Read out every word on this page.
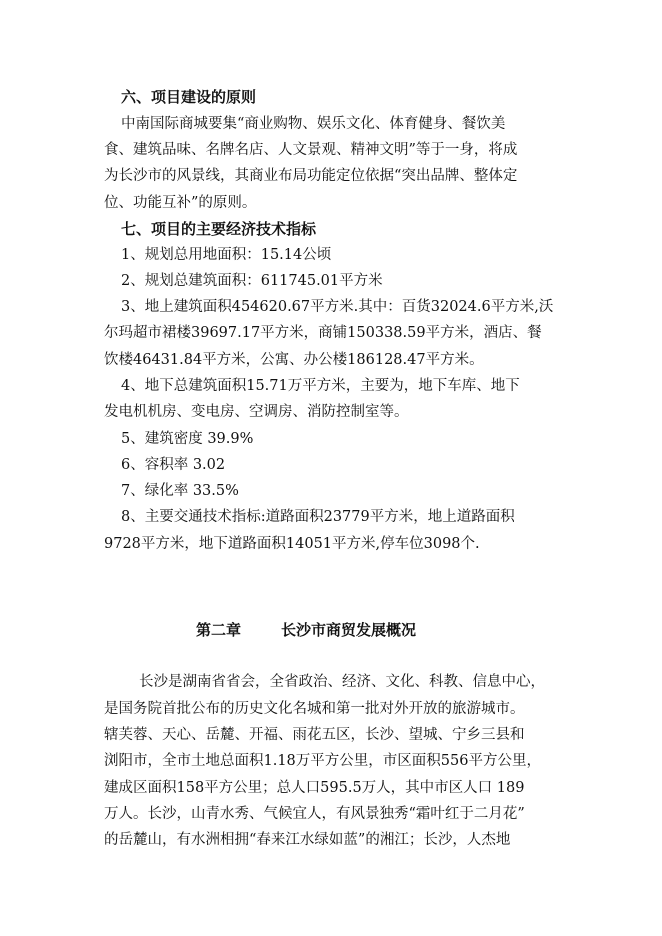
六、项目建设的原则
中南国际商城要集“商业购物、娱乐文化、体育健身、餐饮美
食、建筑品味、名牌名店、人文景观、精神文明”等于一身，将成
为长沙市的风景线，其商业布局功能定位依据“突出品牌、整体定
位、功能互补”的原则。
七、项目的主要经济技术指标
1、规划总用地面积：15.14公顷
2、规划总建筑面积：611745.01平方米
3、地上建筑面积454620.67平方米.其中：百货32024.6平方米,沃
尔玛超市裙楼39697.17平方米，商铺150338.59平方米，酒店、餐
饮楼46431.84平方米，公寓、办公楼186128.47平方米。
4、地下总建筑面积15.71万平方米，主要为，地下车库、地下
发电机机房、变电房、空调房、消防控制室等。
5、建筑密度 39.9%
6、容积率 3.02
7、绿化率 33.5%
8、主要交通技术指标:道路面积23779平方米，地上道路面积
9728平方米，地下道路面积14051平方米,停车位3098个.
第二章	长沙市商贸发展概况
长沙是湖南省省会，全省政治、经济、文化、科教、信息中心，
是国务院首批公布的历史文化名城和第一批对外开放的旅游城市。
辖芙蓉、天心、岳麓、开福、雨花五区，长沙、望城、宁乡三县和
浏阳市，全市土地总面积1.18万平方公里，市区面积556平方公里，
建成区面积158平方公里；总人口595.5万人，其中市区人口 189
万人。长沙，山青水秀、气候宜人，有风景独秀“霜叶红于二月花”
的岳麓山，有水洲相拥“春来江水绿如蓝”的湘江；长沙，人杰地
